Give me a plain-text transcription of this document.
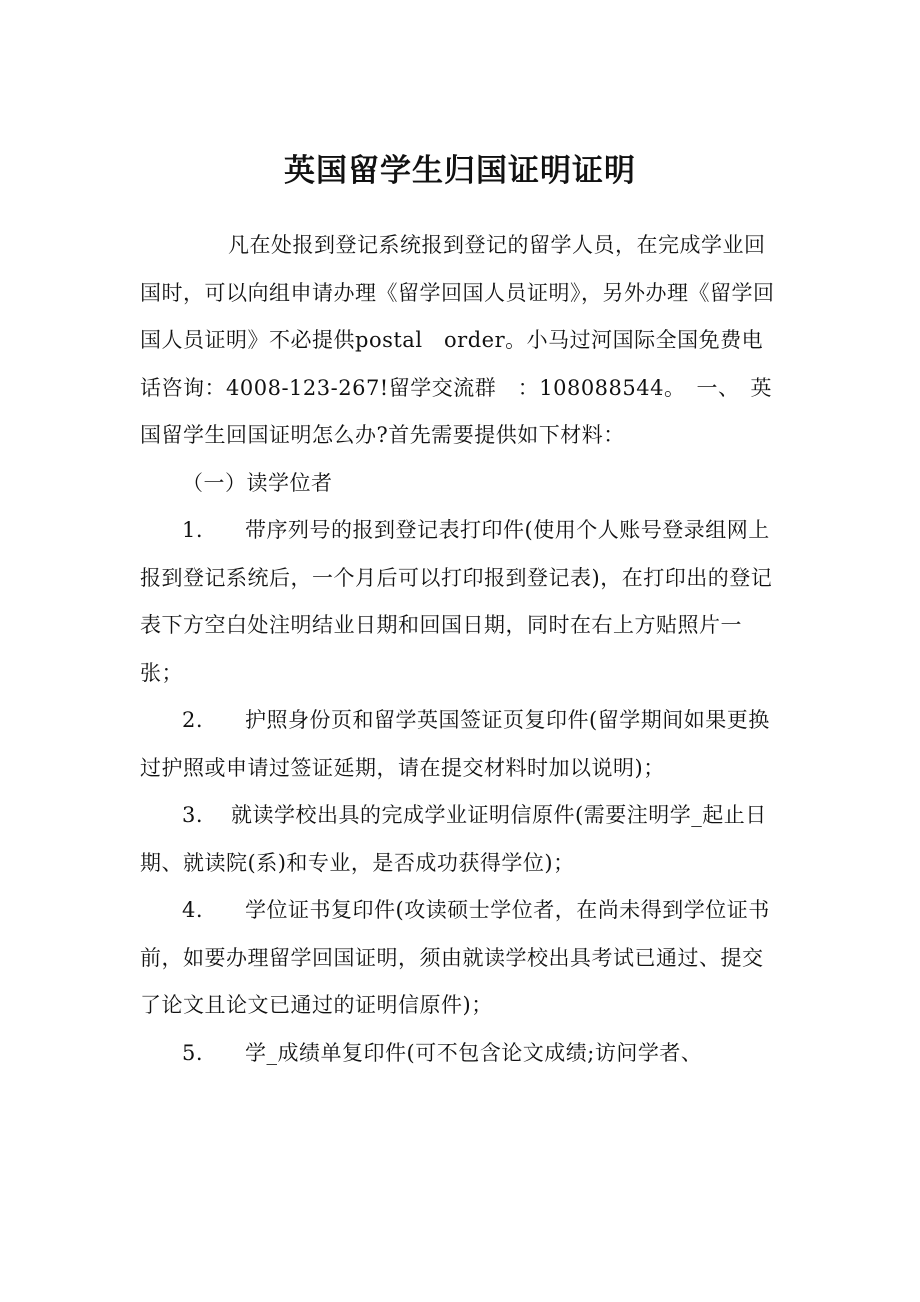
英国留学生归国证明证明

凡在处报到登记系统报到登记的留学人员，在完成学业回国时，可以向组申请办理《留学回国人员证明》，另外办理《留学回国人员证明》不必提供postal　order。小马过河国际全国免费电话咨询：4008-123-267!留学交流群　：108088544。　一、　英国留学生回国证明怎么办?首先需要提供如下材料：

（一）读学位者

1. 带序列号的报到登记表打印件(使用个人账号登录组网上报到登记系统后，一个月后可以打印报到登记表)，在打印出的登记表下方空白处注明结业日期和回国日期，同时在右上方贴照片一张；

2. 护照身份页和留学英国签证页复印件(留学期间如果更换过护照或申请过签证延期，请在提交材料时加以说明)；

3. 就读学校出具的完成学业证明信原件(需要注明学_起止日期、就读院(系)和专业，是否成功获得学位)；

4. 学位证书复印件(攻读硕士学位者，在尚未得到学位证书前，如要办理留学回国证明，须由就读学校出具考试已通过、提交了论文且论文已通过的证明信原件)；

5. 学_成绩单复印件(可不包含论文成绩;访问学者、
